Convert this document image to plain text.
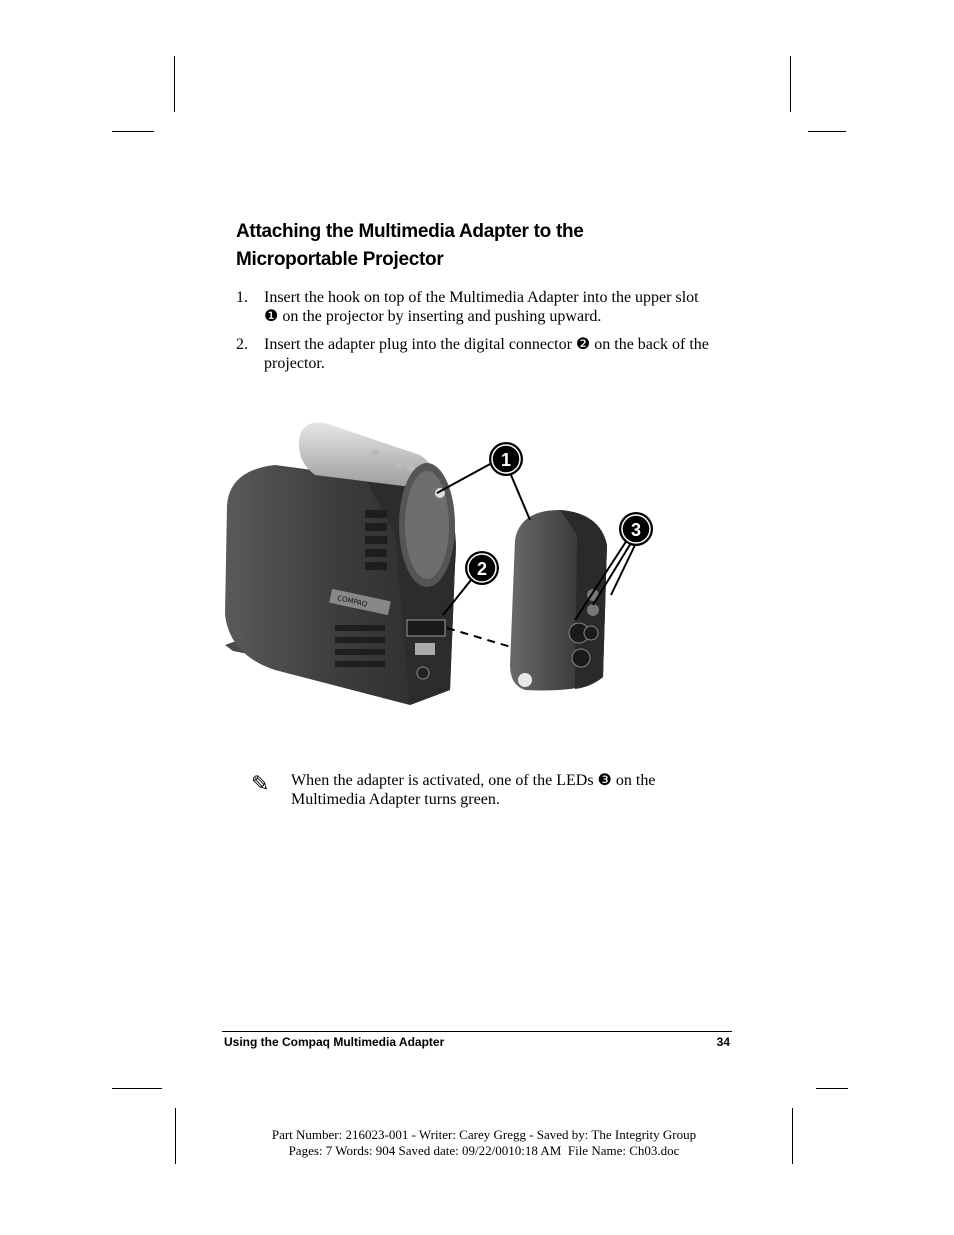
Attaching the Multimedia Adapter to the
Microportable Projector
1. Insert the hook on top of the Multimedia Adapter into the upper slot ❶ on the projector by inserting and pushing upward.
2. Insert the adapter plug into the digital connector ❷ on the back of the projector.
COMPAQ
1
2
3
✎ When the adapter is activated, one of the LEDs ❸ on the Multimedia Adapter turns green.
Using the Compaq Multimedia Adapter	34
Part Number: 216023-001 - Writer: Carey Gregg - Saved by: The Integrity Group
Pages: 7 Words: 904 Saved date: 09/22/0010:18 AM  File Name: Ch03.doc
